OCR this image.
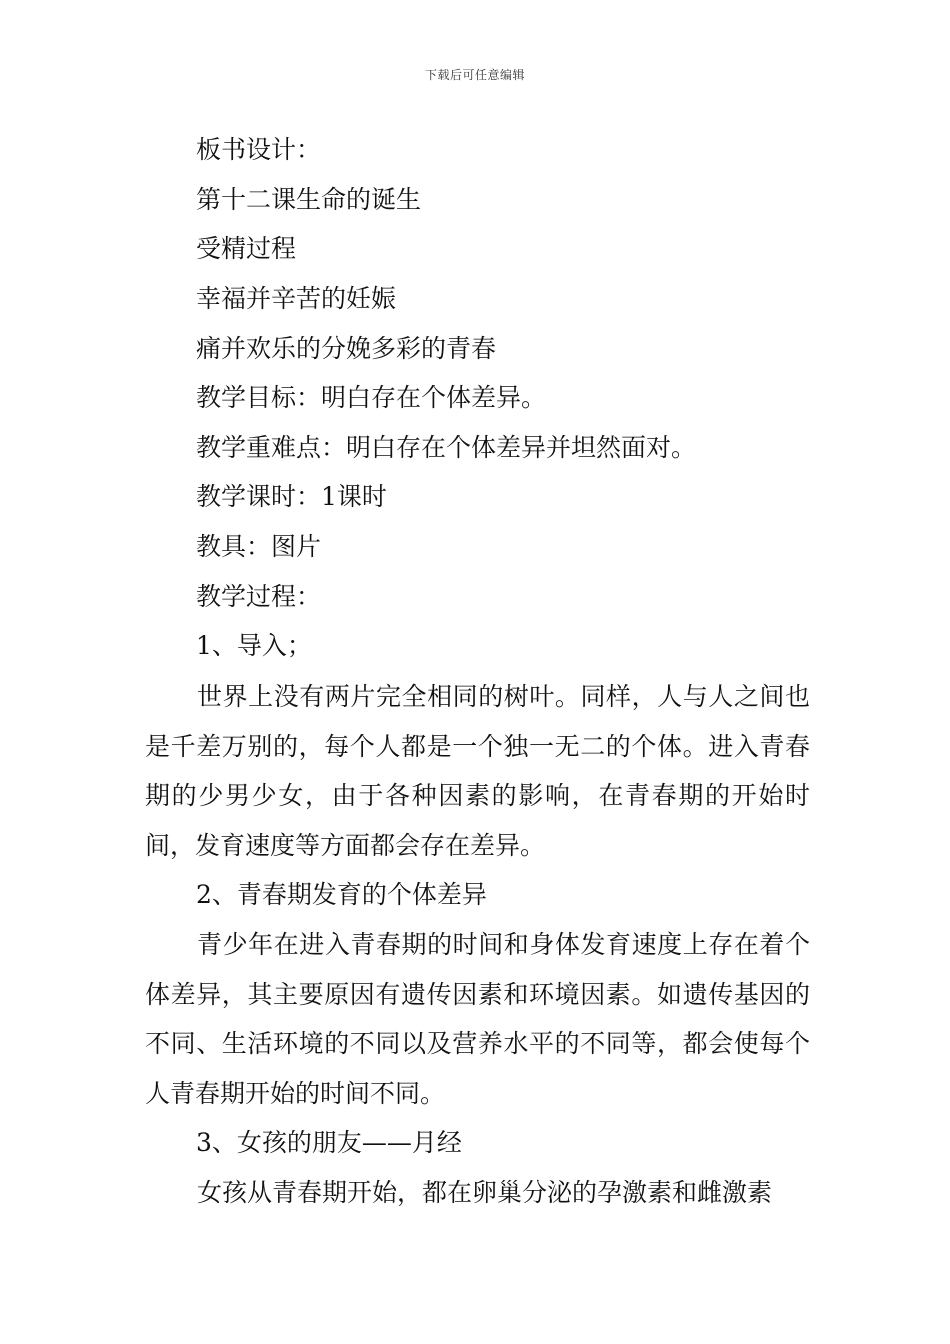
下载后可任意编辑
板书设计：
第十二课生命的诞生
受精过程
幸福并辛苦的妊娠
痛并欢乐的分娩多彩的青春
教学目标：明白存在个体差异。
教学重难点：明白存在个体差异并坦然面对。
教学课时：1课时
教具：图片
教学过程：
1、导入；
世界上没有两片完全相同的树叶。同样，人与人之间也是千差万别的，每个人都是一个独一无二的个体。进入青春期的少男少女，由于各种因素的影响，在青春期的开始时间，发育速度等方面都会存在差异。
2、青春期发育的个体差异
青少年在进入青春期的时间和身体发育速度上存在着个体差异，其主要原因有遗传因素和环境因素。如遗传基因的不同、生活环境的不同以及营养水平的不同等，都会使每个人青春期开始的时间不同。
3、女孩的朋友——月经
女孩从青春期开始，都在卵巢分泌的孕激素和雌激素
